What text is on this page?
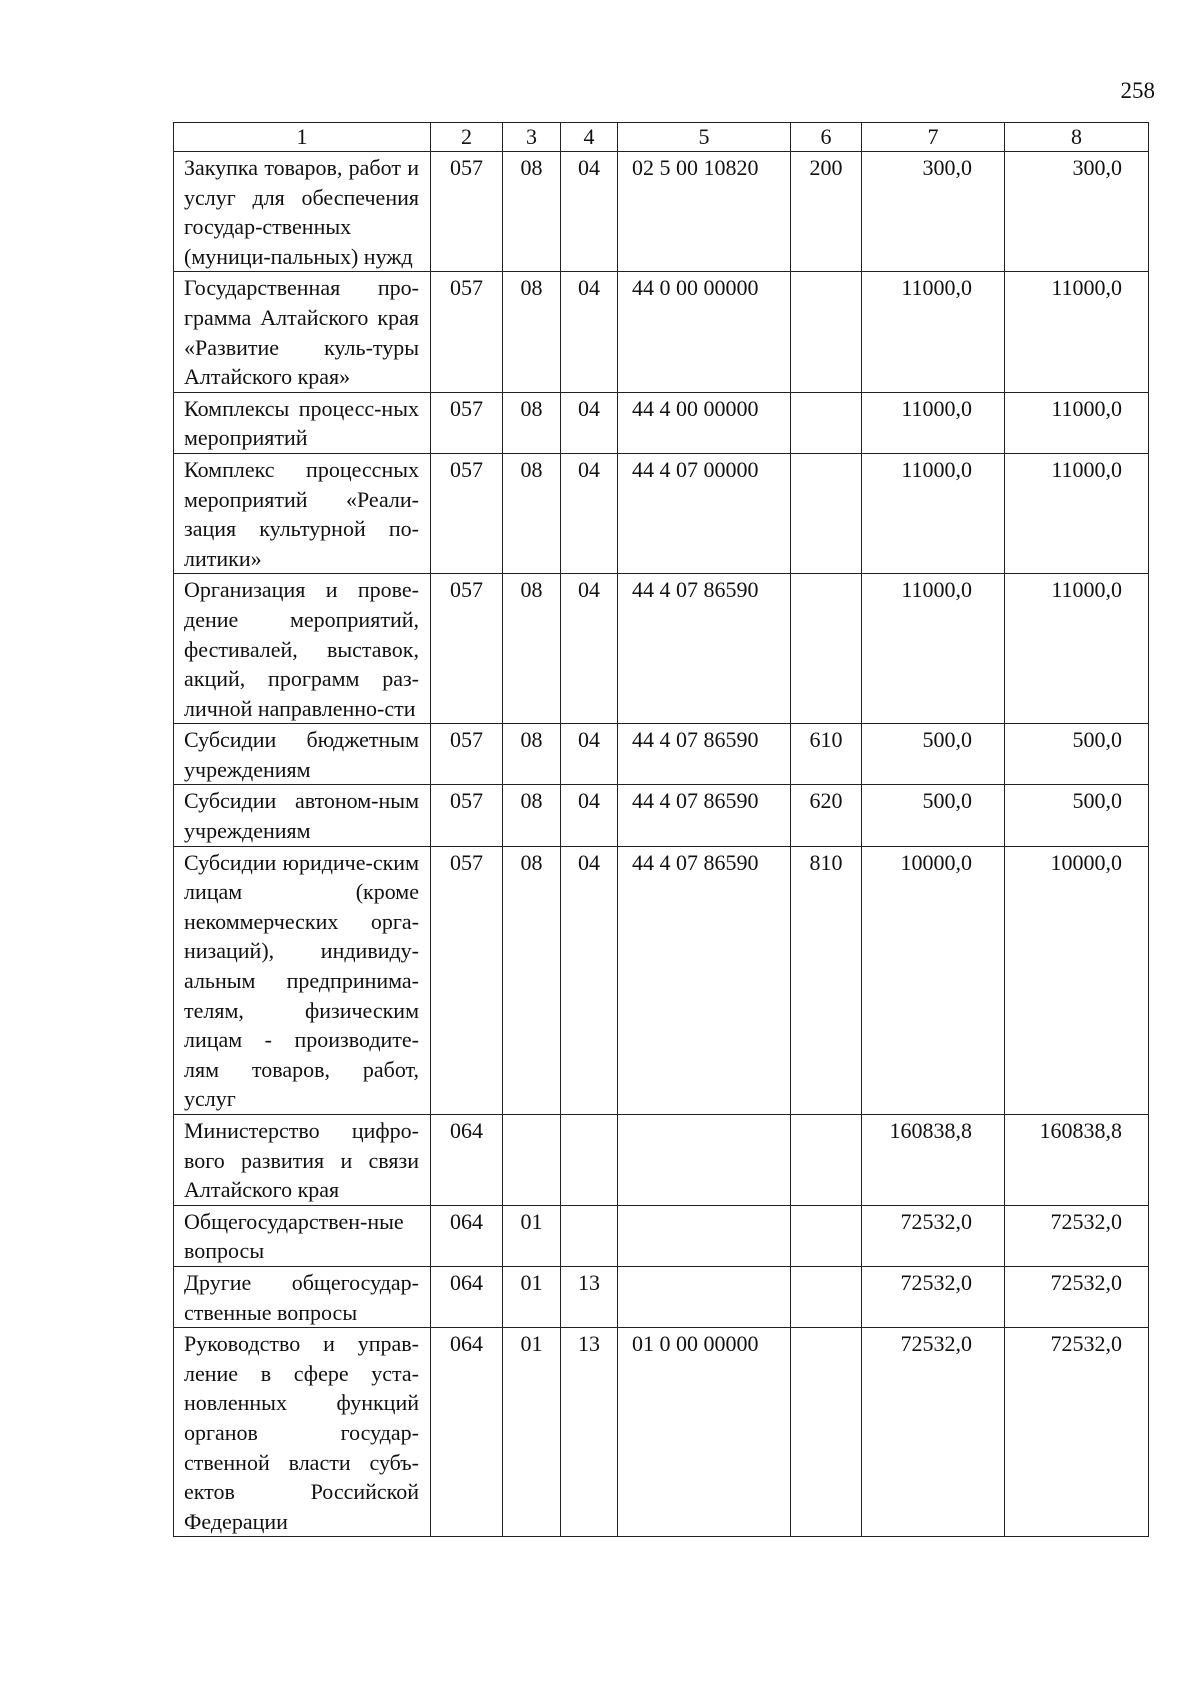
258
1	2	3	4	5	6	7	8
Закупка товаров, работ и услуг для обеспечения государ-ственных (муници-пальных) нужд	057	08	04	02 5 00 10820	200	300,0	300,0
Государственная про-грамма Алтайского края «Развитие куль-туры Алтайского края»	057	08	04	44 0 00 00000		11000,0	11000,0
Комплексы процесс-ных мероприятий	057	08	04	44 4 00 00000		11000,0	11000,0
Комплекс процессных мероприятий «Реали-зация культурной по-литики»	057	08	04	44 4 07 00000		11000,0	11000,0
Организация и прове-дение мероприятий, фестивалей, выставок, акций, программ раз-личной направленно-сти	057	08	04	44 4 07 86590		11000,0	11000,0
Субсидии бюджетным учреждениям	057	08	04	44 4 07 86590	610	500,0	500,0
Субсидии автоном-ным учреждениям	057	08	04	44 4 07 86590	620	500,0	500,0
Субсидии юридиче-ским лицам (кроме некоммерческих орга-низаций), индивиду-альным предпринима-телям, физическим лицам - производите-лям товаров, работ, услуг	057	08	04	44 4 07 86590	810	10000,0	10000,0
Министерство цифро-вого развития и связи Алтайского края	064					160838,8	160838,8
Общегосударствен-ные вопросы	064	01				72532,0	72532,0
Другие общегосудар-ственные вопросы	064	01	13			72532,0	72532,0
Руководство и управ-ление в сфере уста-новленных функций органов государ-ственной власти субъ-ектов Российской Федерации	064	01	13	01 0 00 00000		72532,0	72532,0
